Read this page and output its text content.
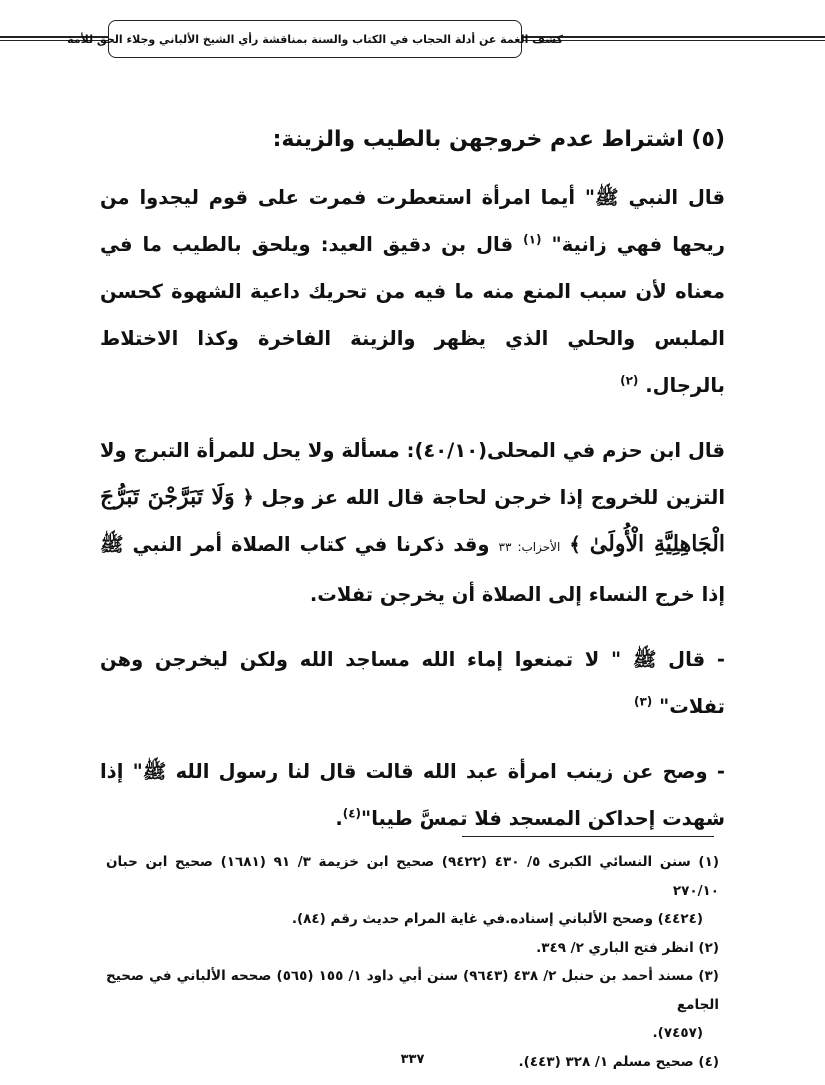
كشف الغمة عن أدلة الحجاب في الكتاب والسنة بمناقشة رأي الشيخ الألباني وجلاء الحق للأمة
(٥) اشتراط عدم خروجهن بالطيب والزينة:

قال النبي ﷺ" أيما امرأة استعطرت فمرت على قوم ليجدوا من ريحها فهي زانية" $^{(١)}$ قال بن دقيق العيد: ويلحق بالطيب ما في معناه لأن سبب المنع منه ما فيه من تحريك داعية الشهوة كحسن الملبس والحلي الذي يظهر والزينة الفاخرة وكذا الاختلاط بالرجال. $^{(٢)}$

قال ابن حزم في المحلى(٤٠/١٠): مسألة ولا يحل للمرأة التبرج ولا التزين للخروج إذا خرجن لحاجة قال الله عز وجل ﴿ وَلَا تَبَرَّجْنَ تَبَرُّجَ الْجَاهِلِيَّةِ الْأُولَىٰ ﴾ الأحزاب: ٣٣ وقد ذكرنا في كتاب الصلاة أمر النبي ﷺ إذا خرج النساء إلى الصلاة أن يخرجن تفلات.

- قال ﷺ " لا تمنعوا إماء الله مساجد الله ولكن ليخرجن وهن تفلات" $^{(٣)}$

- وصح عن زينب امرأة عبد الله قالت قال لنا رسول الله ﷺ" إذا شهدت إحداكن المسجد فلا تمسَّ طيبا"$^{(٤)}$.

(١) سنن النسائي الكبرى ٥/ ٤٣٠ (٩٤٢٢) صحيح ابن خزيمة ٣/ ٩١ (١٦٨١) صحيح ابن حبان ٢٧٠/١٠
(٤٤٢٤) وصحح الألباني إسناده.في غاية المرام حديث رقم (٨٤).

(٢) انظر فتح الباري ٢/ ٣٤٩.

(٣) مسند أحمد بن حنبل ٢/ ٤٣٨ (٩٦٤٣) سنن أبي داود ١/ ١٥٥ (٥٦٥) صححه الألباني في صحيح الجامع
(٧٤٥٧).

(٤) صحيح مسلم ١/ ٣٢٨ (٤٤٣).

٣٣٧
